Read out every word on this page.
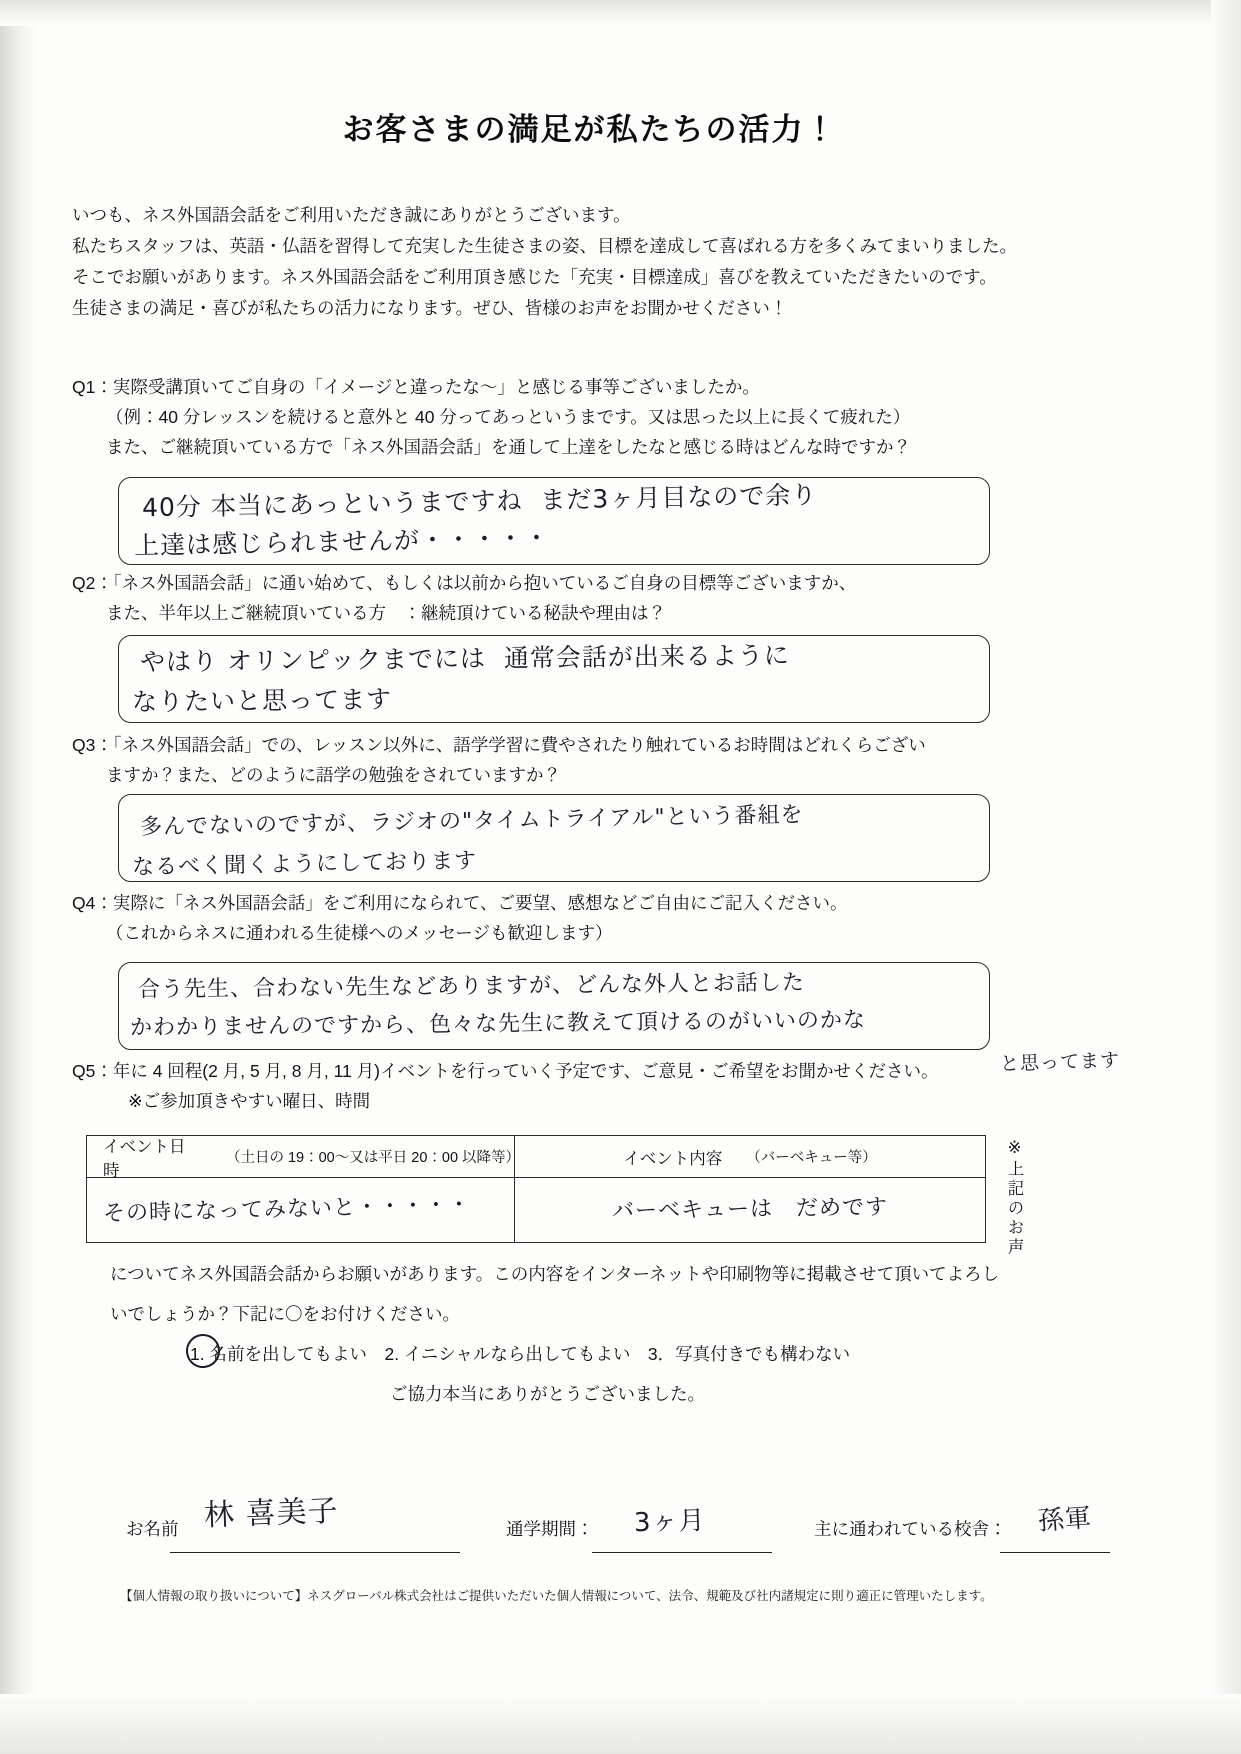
お客さまの満足が私たちの活力！
いつも、ネス外国語会話をご利用いただき誠にありがとうございます。
私たちスタッフは、英語・仏語を習得して充実した生徒さまの姿、目標を達成して喜ばれる方を多くみてまいりました。
そこでお願いがあります。ネス外国語会話をご利用頂き感じた「充実・目標達成」喜びを教えていただきたいのです。
生徒さまの満足・喜びが私たちの活力になります。ぜひ、皆様のお声をお聞かせください！
Q1：実際受講頂いてご自身の「イメージと違ったな～」と感じる事等ございましたか。
（例：40 分レッスンを続けると意外と 40 分ってあっというまです。又は思った以上に長くて疲れた）
また、ご継続頂いている方で「ネス外国語会話」を通して上達をしたなと感じる時はどんな時ですか？
40分 本当にあっというまですね  まだ3ヶ月目なので余り
上達は感じられませんが・・・・・
Q2：「ネス外国語会話」に通い始めて、もしくは以前から抱いているご自身の目標等ございますか、
また、半年以上ご継続頂いている方　：継続頂けている秘訣や理由は？
やはり オリンピックまでには  通常会話が出来るように
なりたいと思ってます
Q3：「ネス外国語会話」での、レッスン以外に、語学学習に費やされたり触れているお時間はどれくらござい
ますか？また、どのように語学の勉強をされていますか？
多んでないのですが、ラジオの"タイムトライアル"という番組を
なるべく聞くようにしております
Q4：実際に「ネス外国語会話」をご利用になられて、ご要望、感想などご自由にご記入ください。
（これからネスに通われる生徒様へのメッセージも歓迎します）
合う先生、合わない先生などありますが、どんな外人とお話した
かわかりませんのですから、色々な先生に教えて頂けるのがいいのかな
と思ってます
Q5：年に 4 回程(2 月, 5 月, 8 月, 11 月)イベントを行っていく予定です、ご意見・ご希望をお聞かせください。
※ご参加頂きやすい曜日、時間
イベント日時
（土日の 19：00～又は平日 20：00 以降等）	イベント内容 （バーベキュー等）
その時になってみないと・・・・・	バーベキューは　だめです	※上記のお声
についてネス外国語会話からお願いがあります。この内容をインターネットや印刷物等に掲載させて頂いてよろし
いでしょうか？下記に〇をお付けください。
1. 名前を出してもよい　2. イニシャルなら出してもよい　3．写真付きでも構わない
ご協力本当にありがとうございました。
お名前 林 喜美子	通学期間： 3ヶ月	主に通われている校舎： 孫軍
【個人情報の取り扱いについて】ネスグローバル株式会社はご提供いただいた個人情報について、法令、規範及び社内諸規定に則り適正に管理いたします。
